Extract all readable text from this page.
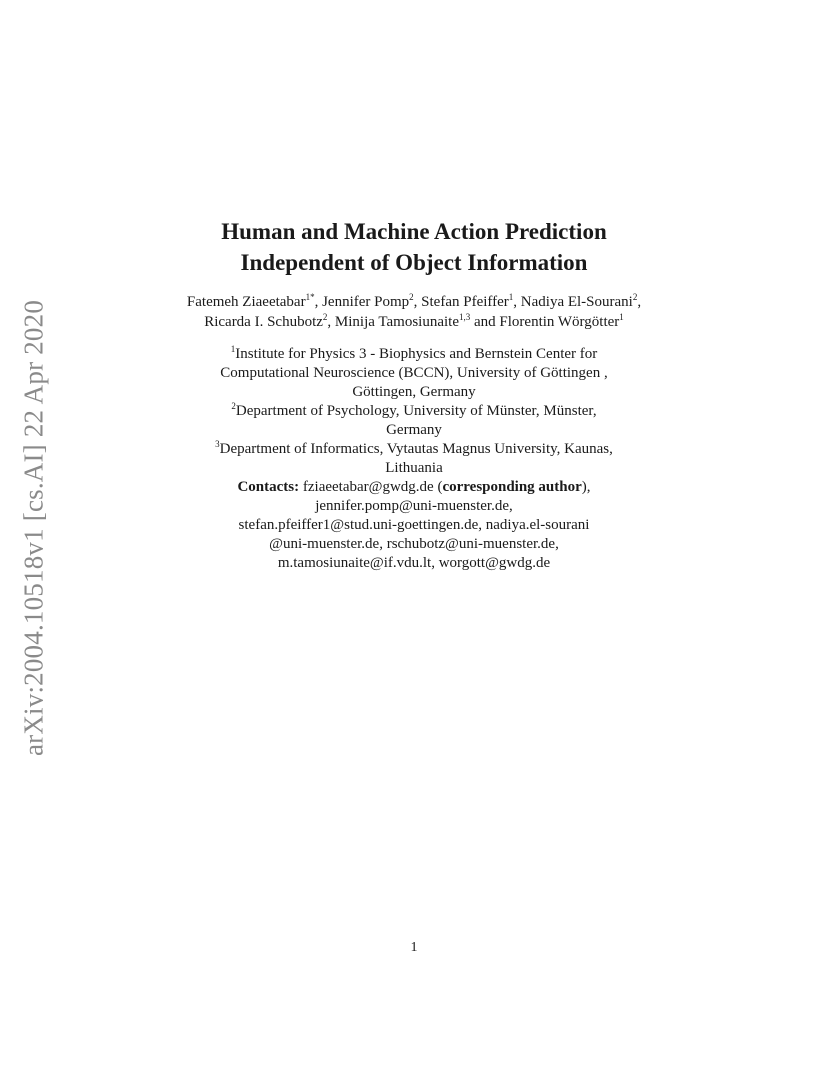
arXiv:2004.10518v1 [cs.AI] 22 Apr 2020

Human and Machine Action Prediction

Independent of Object Information

Fatemeh Ziaeetabar$^{1*}$, Jennifer Pomp$^2$, Stefan Pfeiffer$^1$, Nadiya El-Sourani$^2$,
Ricarda I. Schubotz$^2$, Minija Tamosiunaite$^{1,3}$ and Florentin Wörgötter$^1$
$^1$Institute for Physics 3 - Biophysics and Bernstein Center for
Computational Neuroscience (BCCN), University of Göttingen ,
Göttingen, Germany
$^2$Department of Psychology, University of Münster, Münster,
Germany
$^3$Department of Informatics, Vytautas Magnus University, Kaunas,
Lithuania
Contacts: fziaeetabar@gwdg.de (corresponding author),
jennifer.pomp@uni-muenster.de,
stefan.pfeiffer1@stud.uni-goettingen.de, nadiya.el-sourani
@uni-muenster.de, rschubotz@uni-muenster.de,
m.tamosiunaite@if.vdu.lt, worgott@gwdg.de
1
